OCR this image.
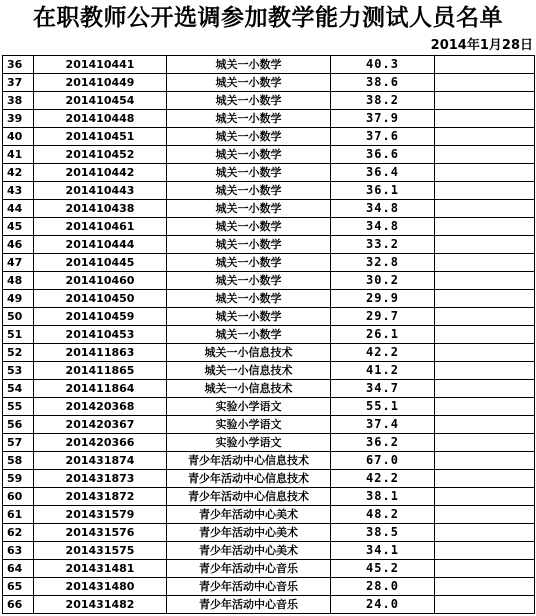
在职教师公开选调参加教学能力测试人员名单
2014年1月28日
36	201410441	城关一小数学	40.3	
37	201410449	城关一小数学	38.6	
38	201410454	城关一小数学	38.2	
39	201410448	城关一小数学	37.9	
40	201410451	城关一小数学	37.6	
41	201410452	城关一小数学	36.6	
42	201410442	城关一小数学	36.4	
43	201410443	城关一小数学	36.1	
44	201410438	城关一小数学	34.8	
45	201410461	城关一小数学	34.8	
46	201410444	城关一小数学	33.2	
47	201410445	城关一小数学	32.8	
48	201410460	城关一小数学	30.2	
49	201410450	城关一小数学	29.9	
50	201410459	城关一小数学	29.7	
51	201410453	城关一小数学	26.1	
52	201411863	城关一小信息技术	42.2	
53	201411865	城关一小信息技术	41.2	
54	201411864	城关一小信息技术	34.7	
55	201420368	实验小学语文	55.1	
56	201420367	实验小学语文	37.4	
57	201420366	实验小学语文	36.2	
58	201431874	青少年活动中心信息技术	67.0	
59	201431873	青少年活动中心信息技术	42.2	
60	201431872	青少年活动中心信息技术	38.1	
61	201431579	青少年活动中心美术	48.2	
62	201431576	青少年活动中心美术	38.5	
63	201431575	青少年活动中心美术	34.1	
64	201431481	青少年活动中心音乐	45.2	
65	201431480	青少年活动中心音乐	28.0	
66	201431482	青少年活动中心音乐	24.0	
